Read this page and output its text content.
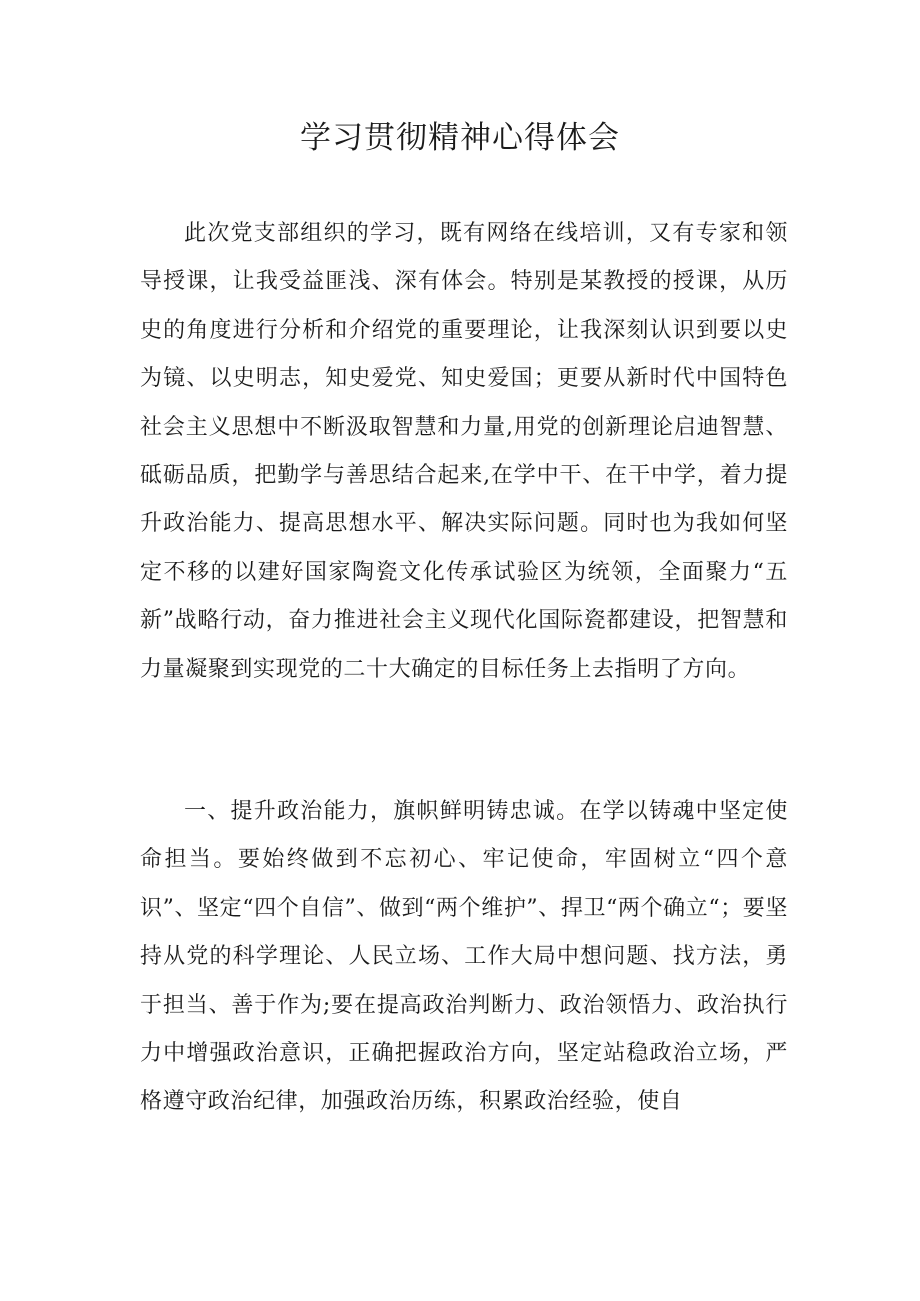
学习贯彻精神心得体会

此次党支部组织的学习，既有网络在线培训，又有专家和领导授课，让我受益匪浅、深有体会。特别是某教授的授课，从历史的角度进行分析和介绍党的重要理论，让我深刻认识到要以史为镜、以史明志，知史爱党、知史爱国；更要从新时代中国特色社会主义思想中不断汲取智慧和力量,用党的创新理论启迪智慧、砥砺品质，把勤学与善思结合起来,在学中干、在干中学，着力提升政治能力、提高思想水平、解决实际问题。同时也为我如何坚定不移的以建好国家陶瓷文化传承试验区为统领，全面聚力“五新”战略行动，奋力推进社会主义现代化国际瓷都建设，把智慧和力量凝聚到实现党的二十大确定的目标任务上去指明了方向。

一、提升政治能力，旗帜鲜明铸忠诚。在学以铸魂中坚定使命担当。要始终做到不忘初心、牢记使命，牢固树立“四个意识”、坚定“四个自信”、做到“两个维护”、捍卫“两个确立“；要坚持从党的科学理论、人民立场、工作大局中想问题、找方法，勇于担当、善于作为;要在提高政治判断力、政治领悟力、政治执行力中增强政治意识，正确把握政治方向，坚定站稳政治立场，严格遵守政治纪律，加强政治历练，积累政治经验，使自
